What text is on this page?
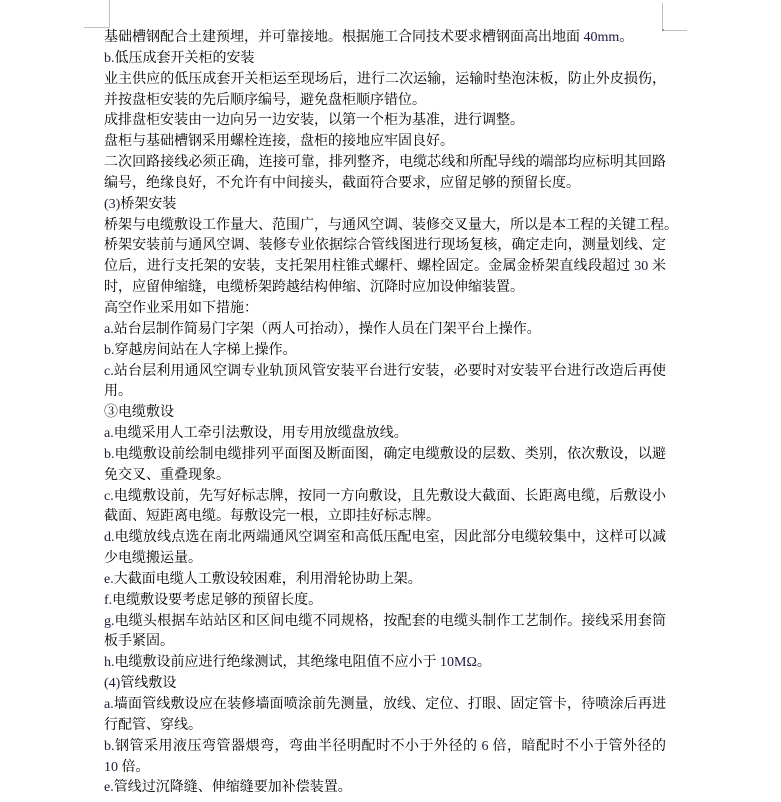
基础槽钢配合土建预埋，并可靠接地。根据施工合同技术要求槽钢面高出地面 40mm。
b.低压成套开关柜的安装
业主供应的低压成套开关柜运至现场后，进行二次运输，运输时垫泡沫板，防止外皮损伤，
并按盘柜安装的先后顺序编号，避免盘柜顺序错位。
成排盘柜安装由一边向另一边安装，以第一个柜为基准，进行调整。
盘柜与基础槽钢采用螺栓连接，盘柜的接地应牢固良好。
二次回路接线必须正确，连接可靠，排列整齐，电缆芯线和所配导线的端部均应标明其回路
编号，绝缘良好，不允许有中间接头，截面符合要求，应留足够的预留长度。
(3)桥架安装
桥架与电缆敷设工作量大、范围广，与通风空调、装修交叉量大，所以是本工程的关键工程。
桥架安装前与通风空调、装修专业依据综合管线图进行现场复核，确定走向，测量划线、定
位后，进行支托架的安装，支托架用柱锥式螺杆、螺栓固定。金属金桥架直线段超过 30 米
时，应留伸缩缝，电缆桥架跨越结构伸缩、沉降时应加设伸缩装置。
高空作业采用如下措施：
a.站台层制作简易门字架（两人可抬动），操作人员在门架平台上操作。
b.穿越房间站在人字梯上操作。
c.站台层利用通风空调专业轨顶风管安装平台进行安装，必要时对安装平台进行改造后再使
用。
③电缆敷设
a.电缆采用人工牵引法敷设，用专用放缆盘放线。
b.电缆敷设前绘制电缆排列平面图及断面图，确定电缆敷设的层数、类别，依次敷设，以避
免交叉、重叠现象。
c.电缆敷设前，先写好标志牌，按同一方向敷设，且先敷设大截面、长距离电缆，后敷设小
截面、短距离电缆。每敷设完一根，立即挂好标志牌。
d.电缆放线点选在南北两端通风空调室和高低压配电室，因此部分电缆较集中，这样可以减
少电缆搬运量。
e.大截面电缆人工敷设较困难，利用滑轮协助上架。
f.电缆敷设要考虑足够的预留长度。
g.电缆头根据车站站区和区间电缆不同规格，按配套的电缆头制作工艺制作。接线采用套筒
板手紧固。
h.电缆敷设前应进行绝缘测试，其绝缘电阻值不应小于 10MΩ。
(4)管线敷设
a.墙面管线敷设应在装修墙面喷涂前先测量，放线、定位、打眼、固定管卡，待喷涂后再进
行配管、穿线。
b.钢管采用液压弯管器煨弯，弯曲半径明配时不小于外径的 6 倍，暗配时不小于管外径的
10 倍。
e.管线过沉降缝、伸缩缝要加补偿装置。
